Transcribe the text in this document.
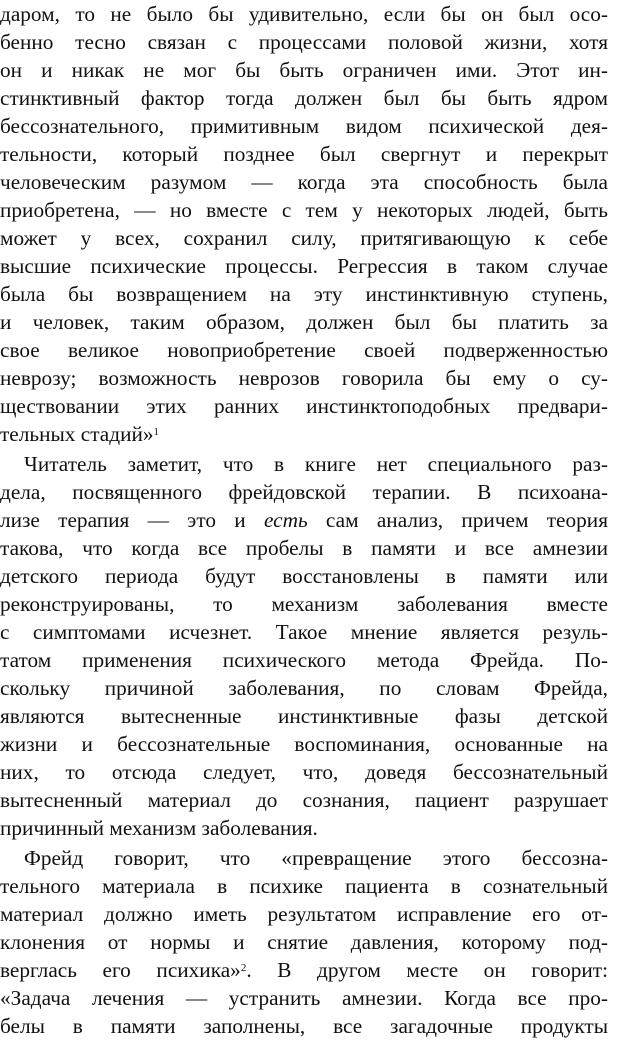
даром, то не было бы удивительно, если бы он был осо-
бенно тесно связан с процессами половой жизни, хотя
он и никак не мог бы быть ограничен ими. Этот ин-
стинктивный фактор тогда должен был бы быть ядром
бессознательного, примитивным видом психической дея-
тельности, который позднее был свергнут и перекрыт
человеческим разумом — когда эта способность была
приобретена, — но вместе с тем у некоторых людей, быть
может у всех, сохранил силу, притягивающую к себе
высшие психические процессы. Регрессия в таком случае
была бы возвращением на эту инстинктивную ступень,
и человек, таким образом, должен был бы платить за
свое великое новоприобретение своей подверженностью
неврозу; возможность неврозов говорила бы ему о су-
ществовании этих ранних инстинктоподобных предвари-
тельных стадий»$^1$
Читатель заметит, что в книге нет специального раз-
дела, посвященного фрейдовской терапии. В психоана-
лизе терапия — это и есть сам анализ, причем теория
такова, что когда все пробелы в памяти и все амнезии
детского периода будут восстановлены в памяти или
реконструированы, то механизм заболевания вместе
с симптомами исчезнет. Такое мнение является резуль-
татом применения психического метода Фрейда. По-
скольку причиной заболевания, по словам Фрейда,
являются вытесненные инстинктивные фазы детской
жизни и бессознательные воспоминания, основанные на
них, то отсюда следует, что, доведя бессознательный
вытесненный материал до сознания, пациент разрушает
причинный механизм заболевания.
Фрейд говорит, что «превращение этого бессозна-
тельного материала в психике пациента в сознательный
материал должно иметь результатом исправление его от-
клонения от нормы и снятие давления, которому под-
верглась его психика»$^2$. В другом месте он говорит:
«Задача лечения — устранить амнезии. Когда все про-
белы в памяти заполнены, все загадочные продукты
